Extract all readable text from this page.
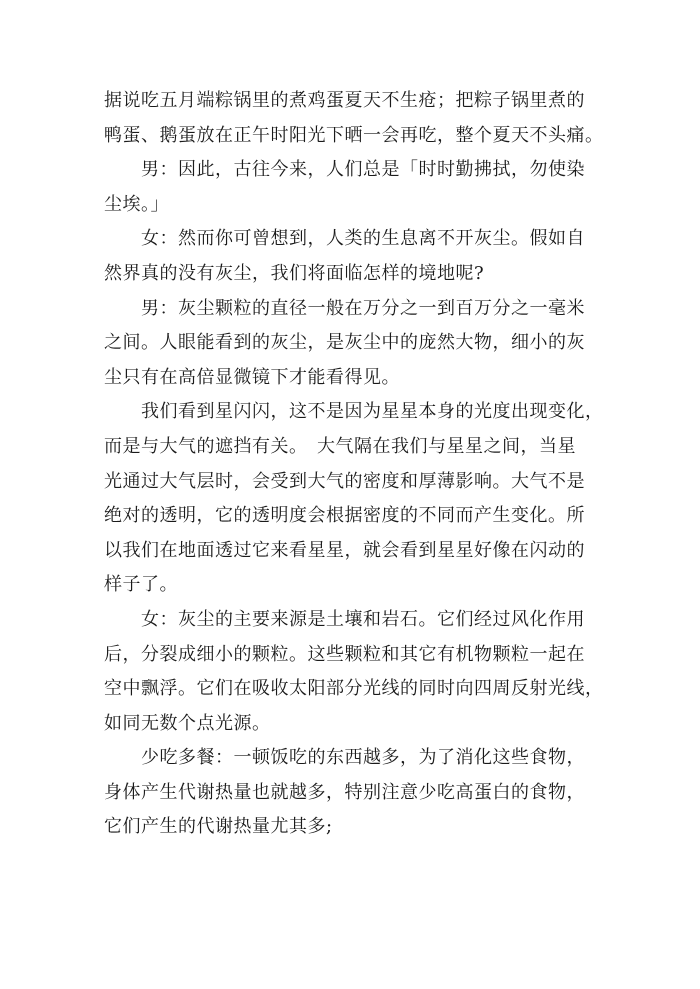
据说吃五月端粽锅里的煮鸡蛋夏天不生疮；把粽子锅里煮的
鸭蛋、鹅蛋放在正午时阳光下晒一会再吃，整个夏天不头痛。
男：因此，古往今来，人们总是「时时勤拂拭，勿使染
尘埃。」
女：然而你可曾想到，人类的生息离不开灰尘。假如自
然界真的没有灰尘，我们将面临怎样的境地呢?
男：灰尘颗粒的直径一般在万分之一到百万分之一毫米
之间。人眼能看到的灰尘，是灰尘中的庞然大物，细小的灰
尘只有在高倍显微镜下才能看得见。
我们看到星闪闪，这不是因为星星本身的光度出现变化，
而是与大气的遮挡有关。　大气隔在我们与星星之间，当星
光通过大气层时，会受到大气的密度和厚薄影响。大气不是
绝对的透明，它的透明度会根据密度的不同而产生变化。所
以我们在地面透过它来看星星，就会看到星星好像在闪动的
样子了。
女：灰尘的主要来源是土壤和岩石。它们经过风化作用
后，分裂成细小的颗粒。这些颗粒和其它有机物颗粒一起在
空中飘浮。它们在吸收太阳部分光线的同时向四周反射光线，
如同无数个点光源。
少吃多餐：一顿饭吃的东西越多，为了消化这些食物，
身体产生代谢热量也就越多，特别注意少吃高蛋白的食物，
它们产生的代谢热量尤其多;
